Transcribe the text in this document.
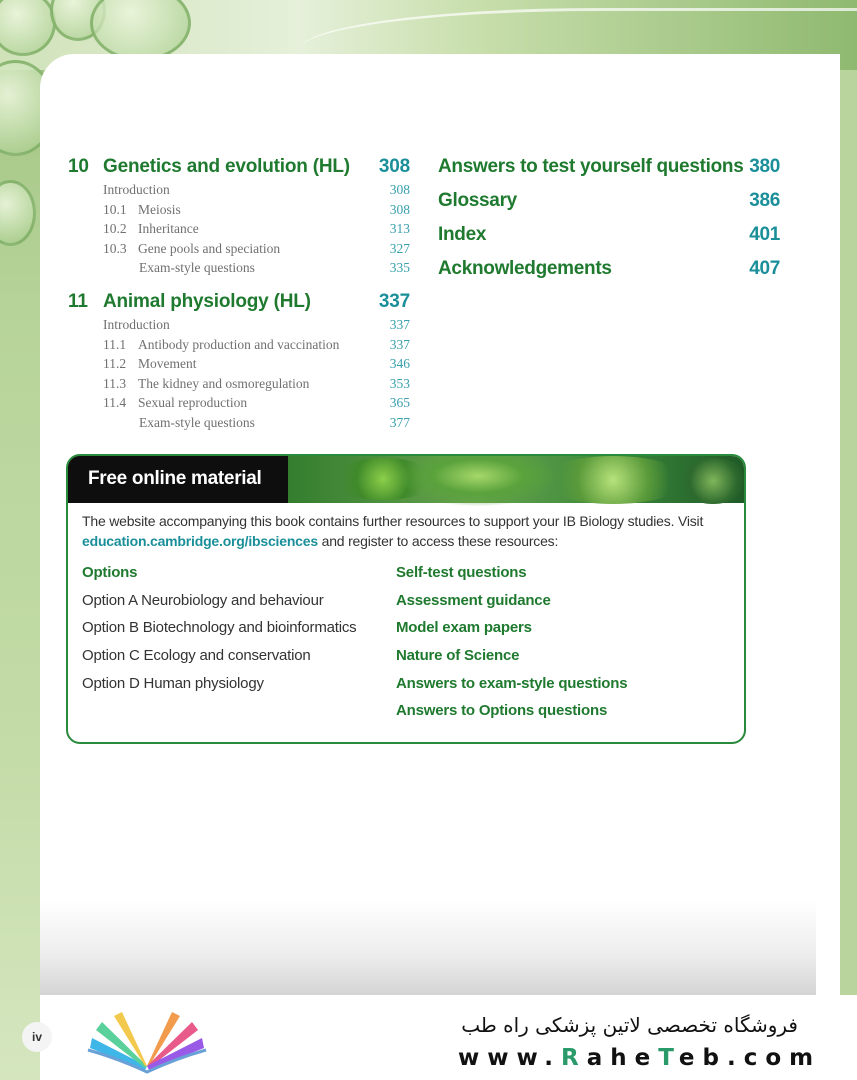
10 Genetics and evolution (HL) 308
Introduction	308
10.1 Meiosis	308
10.2 Inheritance	313
10.3 Gene pools and speciation	327
Exam-style questions	335
11 Animal physiology (HL)	337
Introduction	337
11.1 Antibody production and vaccination	337
11.2 Movement	346
11.3 The kidney and osmoregulation	353
11.4 Sexual reproduction	365
Exam-style questions	377
Answers to test yourself questions 380
Glossary	386
Index	401
Acknowledgements	407
Free online material
The website accompanying this book contains further resources to support your IB Biology studies. Visit education.cambridge.org/ibsciences and register to access these resources:
Options
Option A Neurobiology and behaviour
Option B Biotechnology and bioinformatics
Option C Ecology and conservation
Option D Human physiology
Self-test questions
Assessment guidance
Model exam papers
Nature of Science
Answers to exam-style questions
Answers to Options questions
iv	فروشگاه تخصصی لاتین پزشکی راه طب
www.RaheTeb.com
